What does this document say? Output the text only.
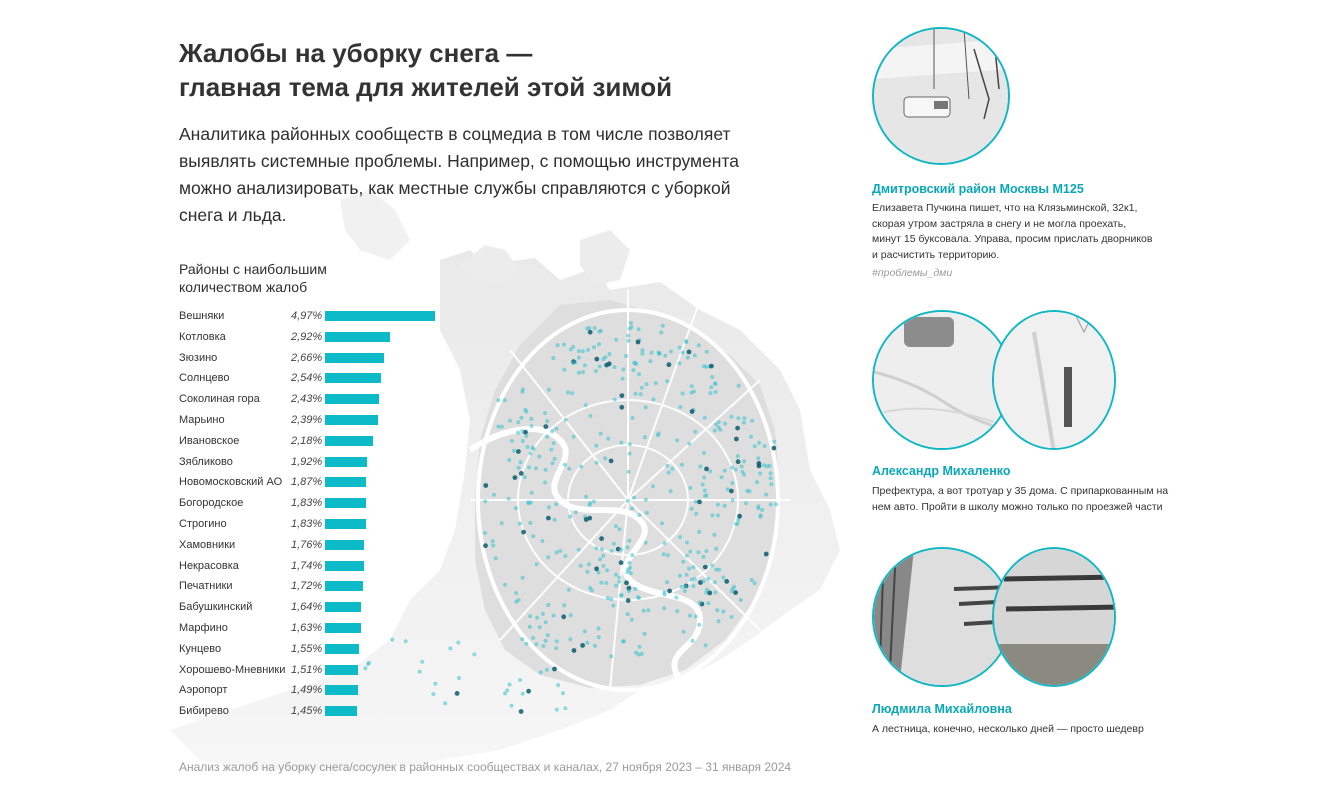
Жалобы на уборку снега —
главная тема для жителей этой зимой
Аналитика районных сообществ в соцмедиа в том числе позволяет
выявлять системные проблемы. Например, с помощью инструмента
можно анализировать, как местные службы справляются с уборкой
снега и льда.
Районы с наибольшим
количеством жалоб
Вешняки	4,97%
Котловка	2,92%
Зюзино	2,66%
Солнцево	2,54%
Соколиная гора	2,43%
Марьино	2,39%
Ивановское	2,18%
Зябликово	1,92%
Новомосковский АО 1,87%
Богородское	1,83%
Строгино	1,83%
Хамовники	1,76%
Некрасовка	1,74%
Печатники	1,72%
Бабушкинский	1,64%
Марфино	1,63%
Кунцево	1,55%
Хорошево-Мневники 1,51%
Аэропорт	1,49%
Бибирево	1,45%
Анализ жалоб на уборку снега/сосулек в районных сообществах и каналах, 27 ноября 2023 – 31 января 2024
Дмитровский район Москвы М125
Елизавета Пучкина пишет, что на Клязьминской, 32к1,
скорая утром застряла в снегу и не могла проехать,
минут 15 буксовала. Управа, просим прислать дворников
и расчистить территорию.
#проблемы_дми
Александр Михаленко
Префектура, а вот тротуар у 35 дома. С припаркованным на
нем авто. Пройти в школу можно только по проезжей части
Людмила Михайловна
А лестница, конечно, несколько дней — просто шедевр
